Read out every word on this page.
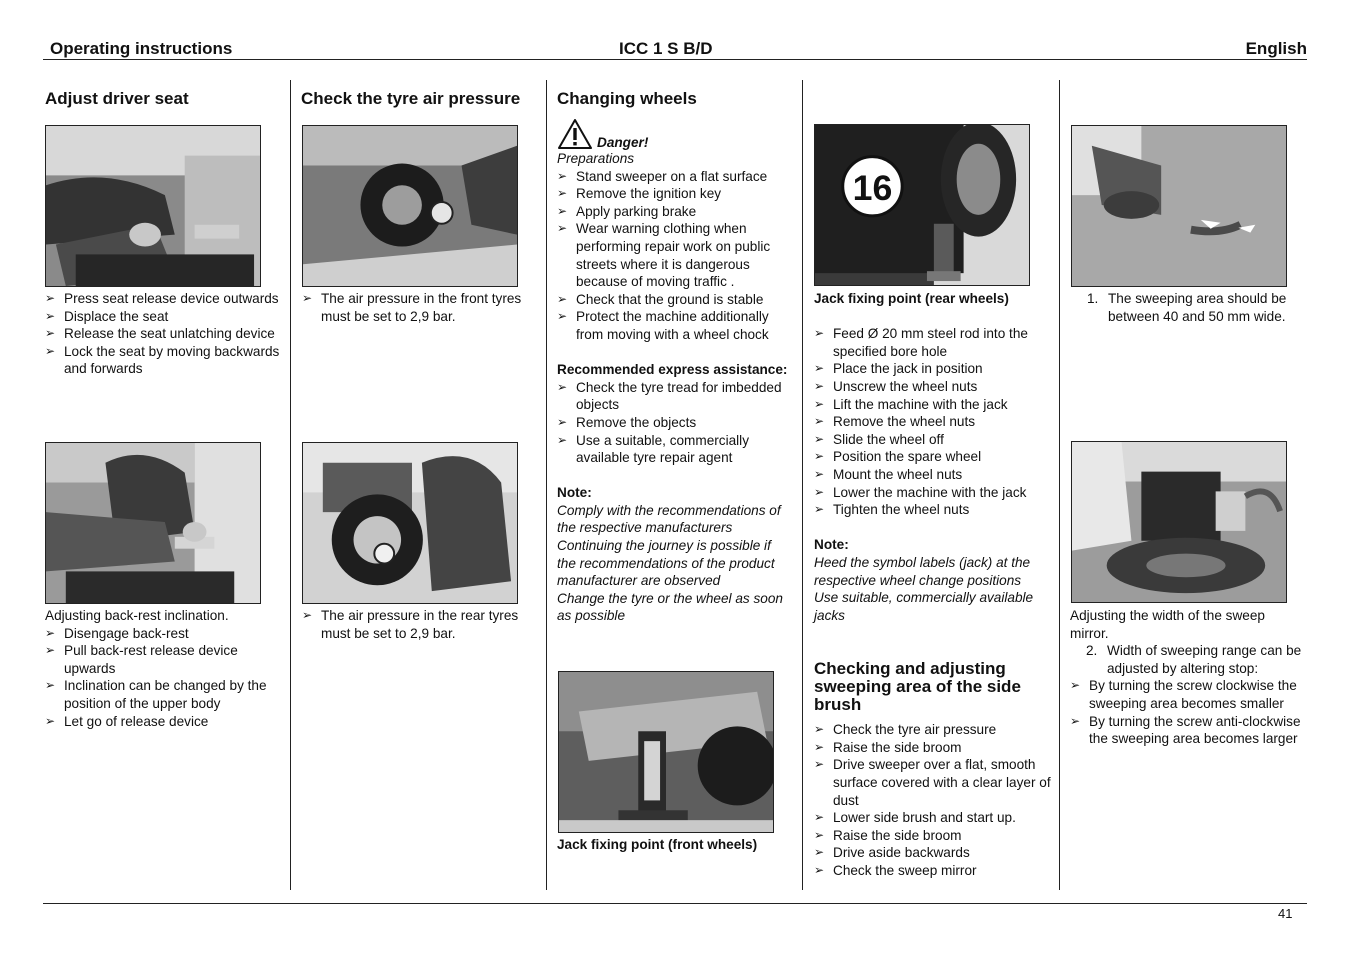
Operating instructions	ICC 1 S B/D	English
Adjust driver seat
➢ Press seat release device outwards
➢ Displace the seat
➢ Release the seat unlatching device
➢ Lock the seat by moving backwards and forwards
Adjusting back-rest inclination.
➢ Disengage back-rest
➢ Pull back-rest release device upwards
➢ Inclination can be changed by the position of the upper body
➢ Let go of release device
Check the tyre air pressure
➢ The air pressure in the front tyres must be set to 2,9 bar.
➢ The air pressure in the rear tyres must be set to 2,9 bar.
Changing wheels
Danger!
Preparations
➢ Stand sweeper on a flat surface
➢ Remove the ignition key
➢ Apply parking brake
➢ Wear warning clothing when performing repair work on public streets where it is dangerous because of moving traffic .
➢ Check that the ground is stable
➢ Protect the machine additionally from moving with a wheel chock
Recommended express assistance:
➢ Check the tyre tread for imbedded objects
➢ Remove the objects
➢ Use a suitable, commercially available tyre repair agent
Note:
Comply with the recommendations of the respective manufacturers
Continuing the journey is possible if the recommendations of the product manufacturer are observed
Change the tyre or the wheel as soon as possible
Jack fixing point (front wheels)
16
Jack fixing point (rear wheels)
➢ Feed Ø 20 mm steel rod into the specified bore hole
➢ Place the jack in position
➢ Unscrew the wheel nuts
➢ Lift the machine with the jack
➢ Remove the wheel nuts
➢ Slide the wheel off
➢ Position the spare wheel
➢ Mount the wheel nuts
➢ Lower the machine with the jack
➢ Tighten the wheel nuts
Note:
Heed the symbol labels (jack) at the respective wheel change positions
Use suitable, commercially available jacks
Checking and adjusting sweeping area of the side brush
➢ Check the tyre air pressure
➢ Raise the side broom
➢ Drive sweeper over a flat, smooth surface covered with a clear layer of dust
➢ Lower side brush and start up.
➢ Raise the side broom
➢ Drive aside backwards
➢ Check the sweep mirror
1. The sweeping area should be between 40 and 50 mm wide.
Adjusting the width of the sweep mirror.
2. Width of sweeping range can be adjusted by altering stop:
➢ By turning the screw clockwise the sweeping area becomes smaller
➢ By turning the screw anti-clockwise the sweeping area becomes larger
41
